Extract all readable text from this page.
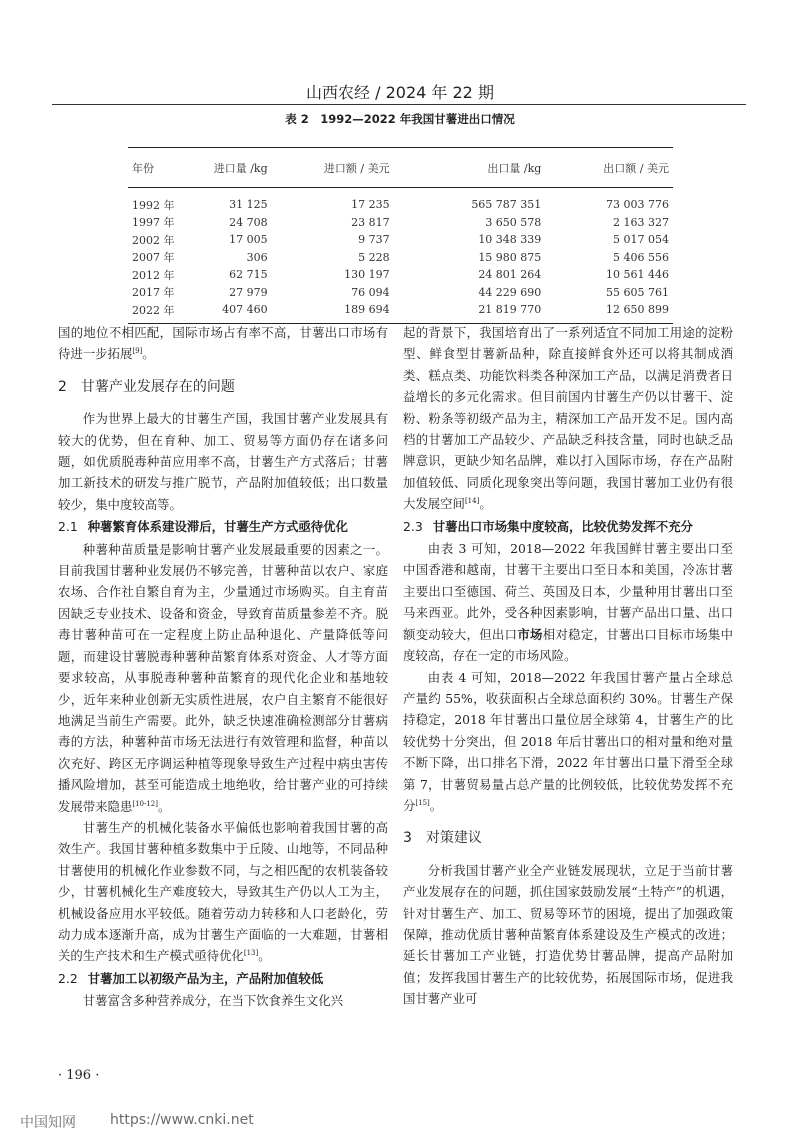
山西农经 / 2024 年 22 期
表 2　1992—2022 年我国甘薯进出口情况
年份	进口量 /kg	进口额 / 美元	出口量 /kg	出口额 / 美元
1992 年	31 125	17 235	565 787 351	73 003 776
1997 年	24 708	23 817	3 650 578	2 163 327
2002 年	17 005	9 737	10 348 339	5 017 054
2007 年	306	5 228	15 980 875	5 406 556
2012 年	62 715	130 197	24 801 264	10 561 446
2017 年	27 979	76 094	44 229 690	55 605 761
2022 年	407 460	189 694	21 819 770	12 650 899

国的地位不相匹配，国际市场占有率不高，甘薯出口市场有待进一步拓展[9]。

2 甘薯产业发展存在的问题

作为世界上最大的甘薯生产国，我国甘薯产业发展具有较大的优势，但在育种、加工、贸易等方面仍存在诸多问题，如优质脱毒种苗应用率不高，甘薯生产方式落后；甘薯加工新技术的研发与推广脱节，产品附加值较低；出口数量较少，集中度较高等。

2.1 种薯繁育体系建设滞后，甘薯生产方式亟待优化

种薯种苗质量是影响甘薯产业发展最重要的因素之一。目前我国甘薯种业发展仍不够完善，甘薯种苗以农户、家庭农场、合作社自繁自育为主，少量通过市场购买。自主育苗因缺乏专业技术、设备和资金，导致育苗质量参差不齐。脱毒甘薯种苗可在一定程度上防止品种退化、产量降低等问题，而建设甘薯脱毒种薯种苗繁育体系对资金、人才等方面要求较高，从事脱毒种薯种苗繁育的现代化企业和基地较少，近年来种业创新无实质性进展，农户自主繁育不能很好地满足当前生产需要。此外，缺乏快速准确检测部分甘薯病毒的方法，种薯种苗市场无法进行有效管理和监督，种苗以次充好、跨区无序调运种植等现象导致生产过程中病虫害传播风险增加，甚至可能造成土地绝收，给甘薯产业的可持续发展带来隐患[10-12]。

甘薯生产的机械化装备水平偏低也影响着我国甘薯的高效生产。我国甘薯种植多数集中于丘陵、山地等，不同品种甘薯使用的机械化作业参数不同，与之相匹配的农机装备较少，甘薯机械化生产难度较大，导致其生产仍以人工为主，机械设备应用水平较低。随着劳动力转移和人口老龄化，劳动力成本逐渐升高，成为甘薯生产面临的一大难题，甘薯相关的生产技术和生产模式亟待优化[13]。

2.2 甘薯加工以初级产品为主，产品附加值较低

甘薯富含多种营养成分，在当下饮食养生文化兴

起的背景下，我国培育出了一系列适宜不同加工用途的淀粉型、鲜食型甘薯新品种，除直接鲜食外还可以将其制成酒类、糕点类、功能饮料类各种深加工产品，以满足消费者日益增长的多元化需求。但目前国内甘薯生产仍以甘薯干、淀粉、粉条等初级产品为主，精深加工产品开发不足。国内高档的甘薯加工产品较少、产品缺乏科技含量，同时也缺乏品牌意识，更缺少知名品牌，难以打入国际市场，存在产品附加值较低、同质化现象突出等问题，我国甘薯加工业仍有很大发展空间[14]。

2.3 甘薯出口市场集中度较高，比较优势发挥不充分

由表 3 可知，2018—2022 年我国鲜甘薯主要出口至中国香港和越南，甘薯干主要出口至日本和美国，冷冻甘薯主要出口至德国、荷兰、英国及日本，少量种用甘薯出口至马来西亚。此外，受各种因素影响，甘薯产品出口量、出口额变动较大，但出口市场相对稳定，甘薯出口目标市场集中度较高，存在一定的市场风险。

由表 4 可知，2018—2022 年我国甘薯产量占全球总产量约 55%，收获面积占全球总面积约 30%。甘薯生产保持稳定，2018 年甘薯出口量位居全球第 4，甘薯生产的比较优势十分突出，但 2018 年后甘薯出口的相对量和绝对量不断下降，出口排名下滑，2022 年甘薯出口量下滑至全球第 7，甘薯贸易量占总产量的比例较低，比较优势发挥不充分[15]。

3 对策建议

分析我国甘薯产业全产业链发展现状，立足于当前甘薯产业发展存在的问题，抓住国家鼓励发展“土特产”的机遇，针对甘薯生产、加工、贸易等环节的困境，提出了加强政策保障，推动优质甘薯种苗繁育体系建设及生产模式的改进；延长甘薯加工产业链，打造优势甘薯品牌，提高产品附加值；发挥我国甘薯生产的比较优势，拓展国际市场，促进我国甘薯产业可

· 196 ·
中国知网 https://www.cnki.net
